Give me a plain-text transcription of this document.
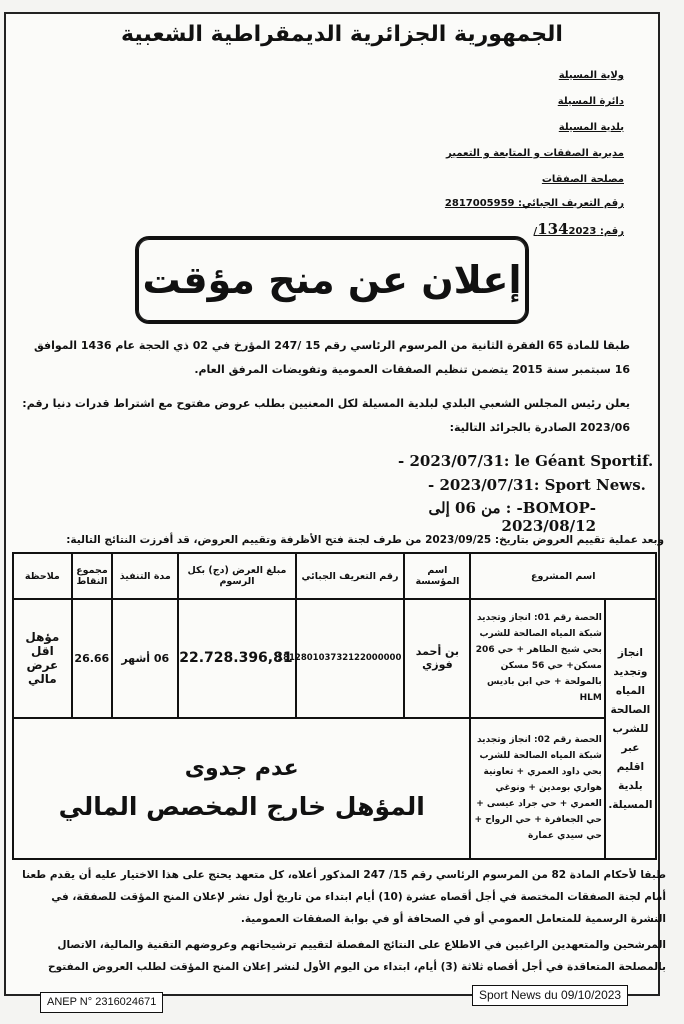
الجمهورية الجزائرية الديمقراطية الشعبية
ولاية المسيلة
دائرة المسيلة
بلدية المسيلة
مديرية الصفقات و المتابعة و التعمير
مصلحة الصفقات
رقم التعريف الجبائي: 2817005959
رقم: 1342023/
إعلان عن منح مؤقت
طبقا للمادة 65 الفقرة الثانية من المرسوم الرئاسي رقم 15 /247 المؤرخ في 02 ذي الحجة عام 1436 الموافق 16 سبتمبر سنة 2015 يتضمن تنظيم الصفقات العمومية وتفويضات المرفق العام.
يعلن رئيس المجلس الشعبي البلدي لبلدية المسيلة لكل المعنيين بطلب عروض مفتوح مع اشتراط قدرات دنيا رقم: 2023/06 الصادرة بالجرائد التالية:
- 2023/07/31: le Géant Sportif.
- 2023/07/31: Sport News.
-BOMOP- : من 06 إلى 2023/08/12
وبعد عملية تقييم العروض بتاريخ: 2023/09/25 من طرف لجنة فتح الأظرفة وتقييم العروض، قد أفرزت النتائج التالية:
اسم المشروع		اسم المؤسسة	رقم التعريف الجبائي	مبلغ العرض (دج) بكل الرسوم	مدة التنفيذ	مجموع النقاط	ملاحظة
انجاز وتجديد المياه الصالحة للشرب عبر اقليم بلدية المسيلة.	الحصة رقم 01: انجاز وتجديد شبكة المياه الصالحة للشرب بحي شيخ الطاهر + حي 206 مسكن+ حي 56 مسكن بالمولحة + حي ابن باديس HLM	بن أحمد فوزي	181280103732122000000	22.728.396,81	06 أشهر	26.66	مؤهل اقل عرض مالي
	الحصة رقم 02: انجاز وتجديد شبكة المياه الصالحة للشرب بحي داود العمري + تعاونية هواري بومدين + ونوغي العمري + حي جراد عيسى + حي الجعافرة + حي الرواح + حي سيدي عمارة	عدم جدوى
المؤهل خارج المخصص المالي					
طبقا لأحكام المادة 82 من المرسوم الرئاسي رقم 15/ 247 المذكور أعلاه، كل متعهد يحتج على هذا الاختيار عليه أن يقدم طعنا أمام لجنة الصفقات المختصة في أجل أقصاه عشرة (10) أيام ابتداء من تاريخ أول نشر لإعلان المنح المؤقت للصفقة، في النشرة الرسمية للمتعامل العمومي أو في الصحافة أو في بوابة الصفقات العمومية.
المرشحين والمتعهدين الراغبين في الاطلاع على النتائج المفصلة لتقييم ترشيحاتهم وعروضهم التقنية والمالية، الاتصال بالمصلحة المتعاقدة في أجل أقصاه ثلاثة (3) أيام، ابتداء من اليوم الأول لنشر إعلان المنح المؤقت لطلب العروض المفتوح
ANEP N° 2316024671	Sport News du 09/10/2023
